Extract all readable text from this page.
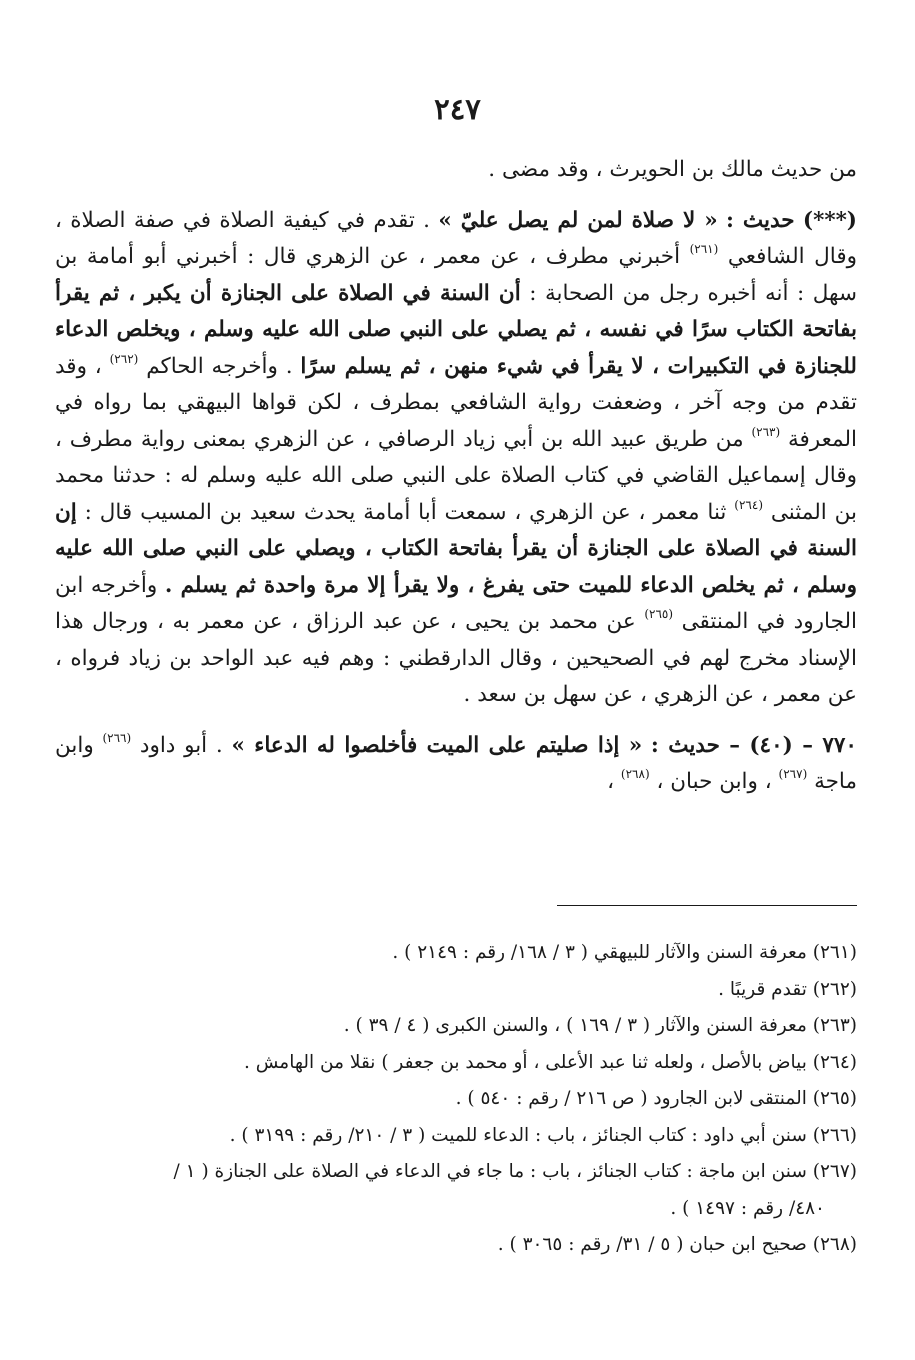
٢٤٧

من حديث مالك بن الحويرث ، وقد مضى .

(***) حديث : « لا صلاة لمن لم يصل عليّ » . تقدم في كيفية الصلاة في صفة الصلاة ، وقال الشافعي $^{(٢٦١)}$ أخبرني مطرف ، عن معمر ، عن الزهري قال : أخبرني أبو أمامة بن سهل : أنه أخبره رجل من الصحابة : أن السنة في الصلاة على الجنازة أن يكبر ، ثم يقرأ بفاتحة الكتاب سرًا في نفسه ، ثم يصلي على النبي صلى الله عليه وسلم ، ويخلص الدعاء للجنازة في التكبيرات ، لا يقرأ في شيء منهن ، ثم يسلم سرًا . وأخرجه الحاكم $^{(٢٦٢)}$ ، وقد تقدم من وجه آخر ، وضعفت رواية الشافعي بمطرف ، لكن قواها البيهقي بما رواه في المعرفة $^{(٢٦٣)}$ من طريق عبيد الله بن أبي زياد الرصافي ، عن الزهري بمعنى رواية مطرف ، وقال إسماعيل القاضي في كتاب الصلاة على النبي صلى الله عليه وسلم له : حدثنا محمد بن المثنى $^{(٢٦٤)}$ ثنا معمر ، عن الزهري ، سمعت أبا أمامة يحدث سعيد بن المسيب قال : إن السنة في الصلاة على الجنازة أن يقرأ بفاتحة الكتاب ، ويصلي على النبي صلى الله عليه وسلم ، ثم يخلص الدعاء للميت حتى يفرغ ، ولا يقرأ إلا مرة واحدة ثم يسلم . وأخرجه ابن الجارود في المنتقى $^{(٢٦٥)}$ عن محمد بن يحيى ، عن عبد الرزاق ، عن معمر به ، ورجال هذا الإسناد مخرج لهم في الصحيحين ، وقال الدارقطني : وهم فيه عبد الواحد بن زياد فرواه ، عن معمر ، عن الزهري ، عن سهل بن سعد .

٧٧٠ – (٤٠) – حديث : « إذا صليتم على الميت فأخلصوا له الدعاء » . أبو داود $^{(٢٦٦)}$ وابن ماجة $^{(٢٦٧)}$ ، وابن حبان ، $^{(٢٦٨)}$ ،

(٢٦١) معرفة السنن والآثار للبيهقي ( ٣ / ١٦٨/ رقم : ٢١٤٩ ) .

(٢٦٢) تقدم قريبًا .

(٢٦٣) معرفة السنن والآثار ( ٣ / ١٦٩ ) ، والسنن الكبرى ( ٤ / ٣٩ ) .

(٢٦٤) بياض بالأصل ، ولعله ثنا عبد الأعلى ، أو محمد بن جعفر ) نقلا من الهامش .

(٢٦٥) المنتقى لابن الجارود ( ص ٢١٦ / رقم : ٥٤٠ ) .

(٢٦٦) سنن أبي داود : كتاب الجنائز ، باب : الدعاء للميت ( ٣ / ٢١٠/ رقم : ٣١٩٩ ) .

(٢٦٧) سنن ابن ماجة : كتاب الجنائز ، باب : ما جاء في الدعاء في الصلاة على الجنازة ( ١ /
٤٨٠/ رقم : ١٤٩٧ ) .

(٢٦٨) صحيح ابن حبان ( ٥ / ٣١/ رقم : ٣٠٦٥ ) .
